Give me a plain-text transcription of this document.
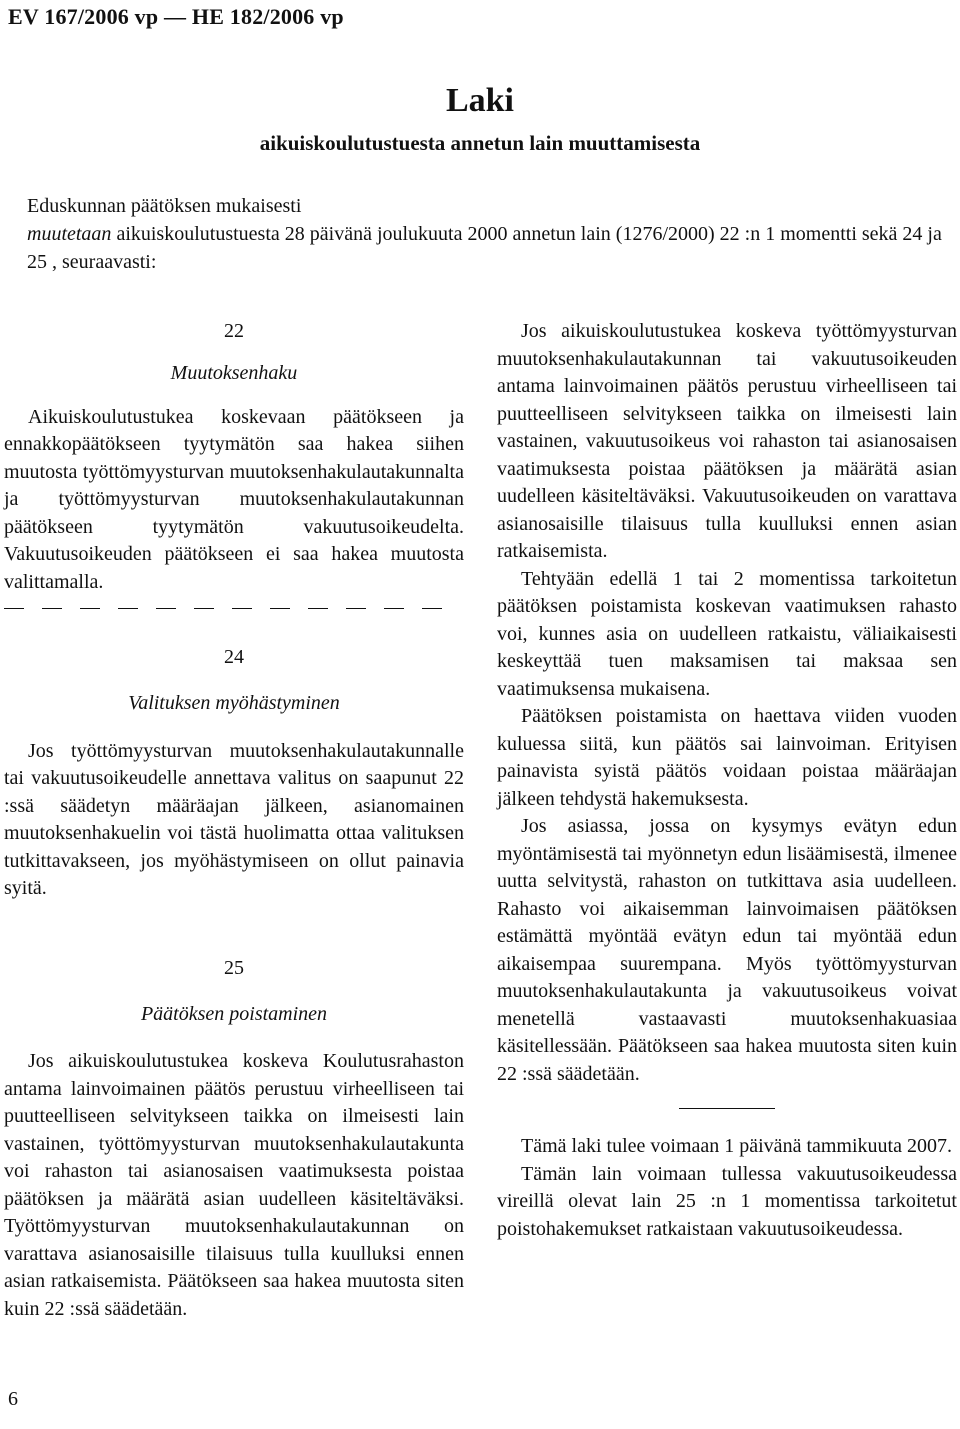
EV 167/2006 vp — HE 182/2006 vp
Laki
aikuiskoulutustuesta annetun lain muuttamisesta

Eduskunnan päätöksen mukaisesti

muutetaan aikuiskoulutustuesta 28 päivänä joulukuuta 2000 annetun lain (1276/2000) 22 :n 1 momentti sekä 24 ja 25 , seuraavasti:

22
Muutoksenhaku

Aikuiskoulutustukea koskevaan päätökseen ja ennakkopäätökseen tyytymätön saa hakea siihen muutosta työttömyysturvan muutoksenhakulautakunnalta ja työttömyysturvan muutoksenhakulautakunnan päätökseen tyytymätön vakuutusoikeudelta. Vakuutusoikeuden päätökseen ei saa hakea muutosta valittamalla.

24
Valituksen myöhästyminen

Jos työttömyysturvan muutoksenhakulautakunnalle tai vakuutusoikeudelle annettava valitus on saapunut 22 :ssä säädetyn määräajan jälkeen, asianomainen muutoksenhakuelin voi tästä huolimatta ottaa valituksen tutkittavakseen, jos myöhästymiseen on ollut painavia syitä.

25
Päätöksen poistaminen

Jos aikuiskoulutustukea koskeva Koulutusrahaston antama lainvoimainen päätös perustuu virheelliseen tai puutteelliseen selvitykseen taikka on ilmeisesti lain vastainen, työttömyysturvan muutoksenhakulautakunta voi rahaston tai asianosaisen vaatimuksesta poistaa päätöksen ja määrätä asian uudelleen käsiteltäväksi. Työttömyysturvan muutoksenhakulautakunnan on varattava asianosaisille tilaisuus tulla kuulluksi ennen asian ratkaisemista. Päätökseen saa hakea muutosta siten kuin 22 :ssä säädetään.

Jos aikuiskoulutustukea koskeva työttömyysturvan muutoksenhakulautakunnan tai vakuutusoikeuden antama lainvoimainen päätös perustuu virheelliseen tai puutteelliseen selvitykseen taikka on ilmeisesti lain vastainen, vakuutusoikeus voi rahaston tai asianosaisen vaatimuksesta poistaa päätöksen ja määrätä asian uudelleen käsiteltäväksi. Vakuutusoikeuden on varattava asianosaisille tilaisuus tulla kuulluksi ennen asian ratkaisemista.

Tehtyään edellä 1 tai 2 momentissa tarkoitetun päätöksen poistamista koskevan vaatimuksen rahasto voi, kunnes asia on uudelleen ratkaistu, väliaikaisesti keskeyttää tuen maksamisen tai maksaa sen vaatimuksensa mukaisena.

Päätöksen poistamista on haettava viiden vuoden kuluessa siitä, kun päätös sai lainvoiman. Erityisen painavista syistä päätös voidaan poistaa määräajan jälkeen tehdystä hakemuksesta.

Jos asiassa, jossa on kysymys evätyn edun myöntämisestä tai myönnetyn edun lisäämisestä, ilmenee uutta selvitystä, rahaston on tutkittava asia uudelleen. Rahasto voi aikaisemman lainvoimaisen päätöksen estämättä myöntää evätyn edun tai myöntää edun aikaisempaa suurempana. Myös työttömyysturvan muutoksenhakulautakunta ja vakuutusoikeus voivat menetellä vastaavasti muutoksenhakuasiaa käsitellessään. Päätökseen saa hakea muutosta siten kuin 22 :ssä säädetään.

Tämä laki tulee voimaan 1 päivänä tammikuuta 2007.

Tämän lain voimaan tullessa vakuutusoikeudessa vireillä olevat lain 25 :n 1 momentissa tarkoitetut poistohakemukset ratkaistaan vakuutusoikeudessa.

6
